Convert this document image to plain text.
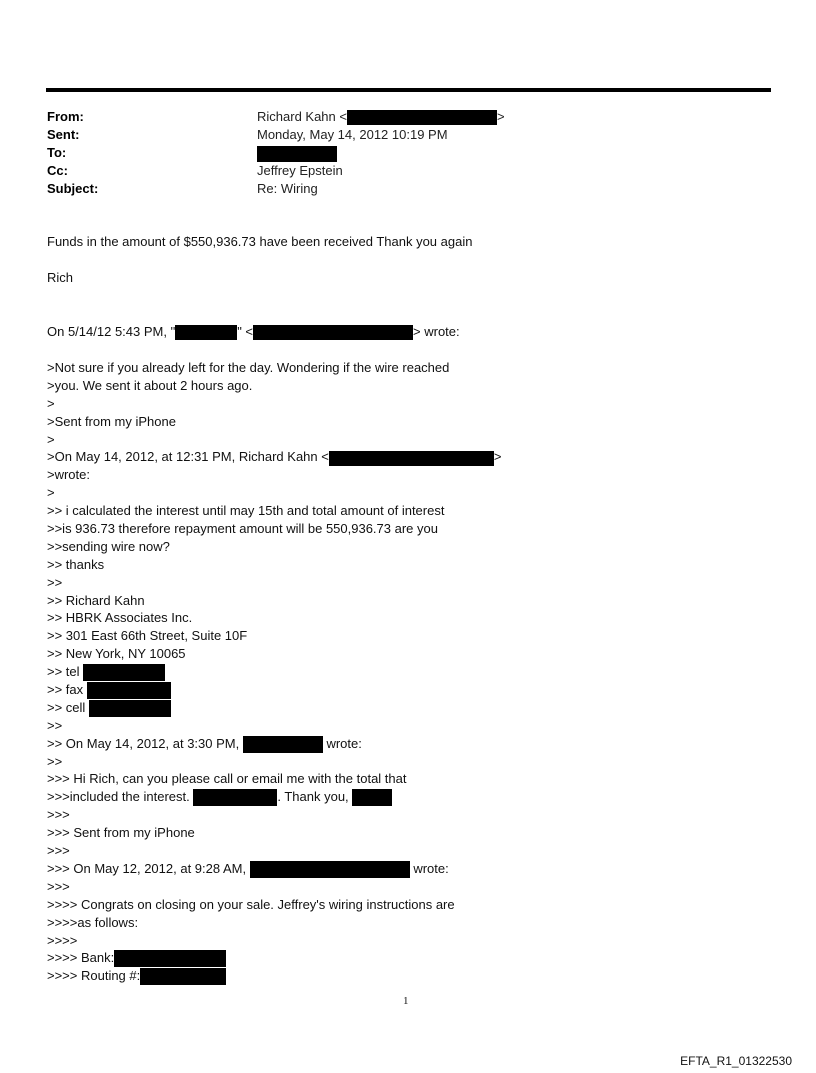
From:	Richard Kahn <	>
Sent:	Monday, May 14, 2012 10:19 PM
To:
Cc:	Jeffrey Epstein
Subject:	Re: Wiring
Funds in the amount of $550,936.73 have been received Thank you again
Rich
On 5/14/12 5:43 PM, "	" <	> wrote:
>Not sure if you already left for the day. Wondering if the wire reached
>you. We sent it about 2 hours ago.
>
>Sent from my iPhone
>
>On May 14, 2012, at 12:31 PM, Richard Kahn <	>
>wrote:
>
>> i calculated the interest until may 15th and total amount of interest
>>is 936.73 therefore repayment amount will be 550,936.73 are you
>>sending wire now?
>> thanks
>>
>> Richard Kahn
>> HBRK Associates Inc.
>> 301 East 66th Street, Suite 10F
>> New York, NY 10065
>> tel
>> fax
>> cell
>>
>> On May 14, 2012, at 3:30 PM,	wrote:
>>
>>> Hi Rich, can you please call or email me with the total that
>>>included the interest.	. Thank you,
>>>
>>> Sent from my iPhone
>>>
>>> On May 12, 2012, at 9:28 AM,	wrote:
>>>
>>>> Congrats on closing on your sale. Jeffrey's wiring instructions are
>>>>as follows:
>>>>
>>>> Bank:
>>>> Routing #:
1
EFTA_R1_01322530
